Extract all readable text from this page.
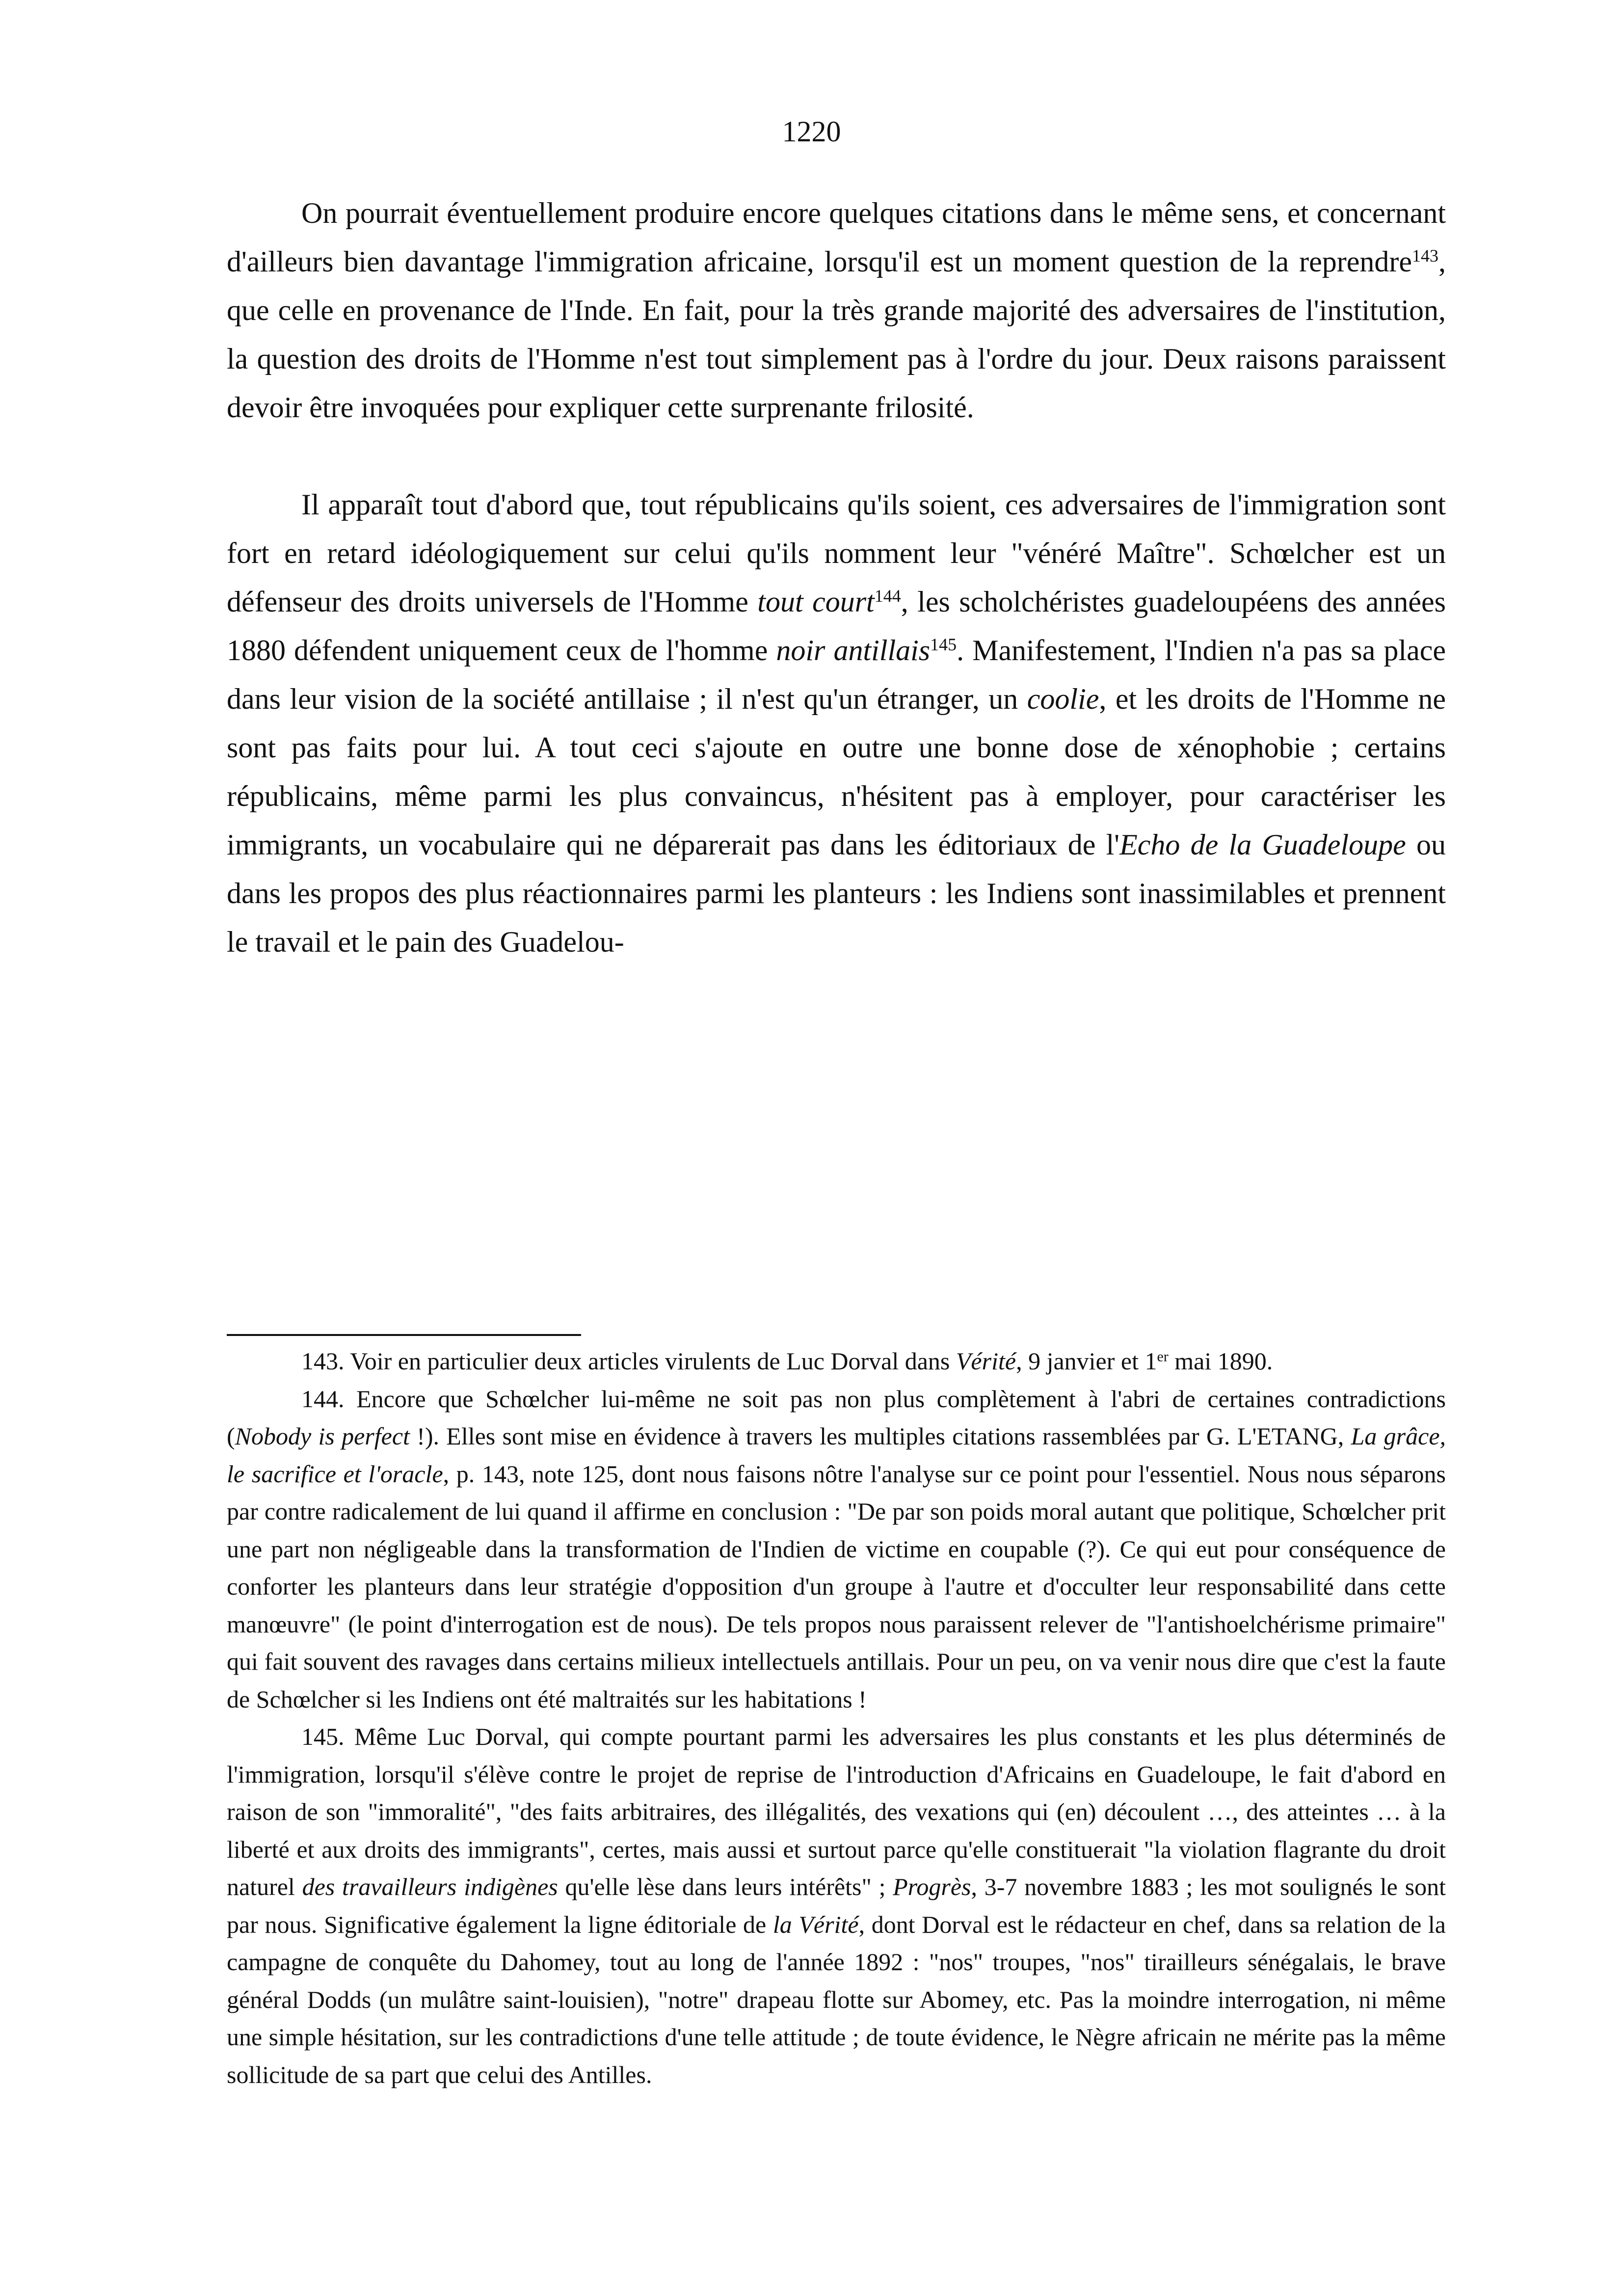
1220

On pourrait éventuellement produire encore quelques citations dans le même sens, et concernant d'ailleurs bien davantage l'immigration africaine, lorsqu'il est un moment question de la reprendre$^{143}$, que celle en provenance de l'Inde. En fait, pour la très grande majorité des adversaires de l'institution, la question des droits de l'Homme n'est tout simplement pas à l'ordre du jour. Deux raisons paraissent devoir être invoquées pour expliquer cette surprenante frilosité.

Il apparaît tout d'abord que, tout républicains qu'ils soient, ces adversaires de l'immigration sont fort en retard idéologiquement sur celui qu'ils nomment leur "vénéré Maître". Schœlcher est un défenseur des droits universels de l'Homme tout court$^{144}$, les scholchéristes guadeloupéens des années 1880 défendent uniquement ceux de l'homme noir antillais$^{145}$. Manifestement, l'Indien n'a pas sa place dans leur vision de la société antillaise ; il n'est qu'un étranger, un coolie, et les droits de l'Homme ne sont pas faits pour lui. A tout ceci s'ajoute en outre une bonne dose de xénophobie ; certains républicains, même parmi les plus convaincus, n'hésitent pas à employer, pour caractériser les immigrants, un vocabulaire qui ne déparerait pas dans les éditoriaux de l'Echo de la Guadeloupe ou dans les propos des plus réactionnaires parmi les planteurs : les Indiens sont inassimilables et prennent le travail et le pain des Guadelou-

143. Voir en particulier deux articles virulents de Luc Dorval dans Vérité, 9 janvier et 1er mai 1890.

144. Encore que Schœlcher lui-même ne soit pas non plus complètement à l'abri de certaines contradictions (Nobody is perfect !). Elles sont mise en évidence à travers les multiples citations rassemblées par G. L'ETANG, La grâce, le sacrifice et l'oracle, p. 143, note 125, dont nous faisons nôtre l'analyse sur ce point pour l'essentiel. Nous nous séparons par contre radicalement de lui quand il affirme en conclusion : "De par son poids moral autant que politique, Schœlcher prit une part non négligeable dans la transformation de l'Indien de victime en coupable (?). Ce qui eut pour conséquence de conforter les planteurs dans leur stratégie d'opposition d'un groupe à l'autre et d'occulter leur responsabilité dans cette manœuvre" (le point d'interrogation est de nous). De tels propos nous paraissent relever de "l'antishoelchérisme primaire" qui fait souvent des ravages dans certains milieux intellectuels antillais. Pour un peu, on va venir nous dire que c'est la faute de Schœlcher si les Indiens ont été maltraités sur les habitations !

145. Même Luc Dorval, qui compte pourtant parmi les adversaires les plus constants et les plus déterminés de l'immigration, lorsqu'il s'élève contre le projet de reprise de l'introduction d'Africains en Guadeloupe, le fait d'abord en raison de son "immoralité", "des faits arbitraires, des illégalités, des vexations qui (en) découlent …, des atteintes … à la liberté et aux droits des immigrants", certes, mais aussi et surtout parce qu'elle constituerait "la violation flagrante du droit naturel des travailleurs indigènes qu'elle lèse dans leurs intérêts" ; Progrès, 3-7 novembre 1883 ; les mot soulignés le sont par nous. Significative également la ligne éditoriale de la Vérité, dont Dorval est le rédacteur en chef, dans sa relation de la campagne de conquête du Dahomey, tout au long de l'année 1892 : "nos" troupes, "nos" tirailleurs sénégalais, le brave général Dodds (un mulâtre saint-louisien), "notre" drapeau flotte sur Abomey, etc. Pas la moindre interrogation, ni même une simple hésitation, sur les contradictions d'une telle attitude ; de toute évidence, le Nègre africain ne mérite pas la même sollicitude de sa part que celui des Antilles.
